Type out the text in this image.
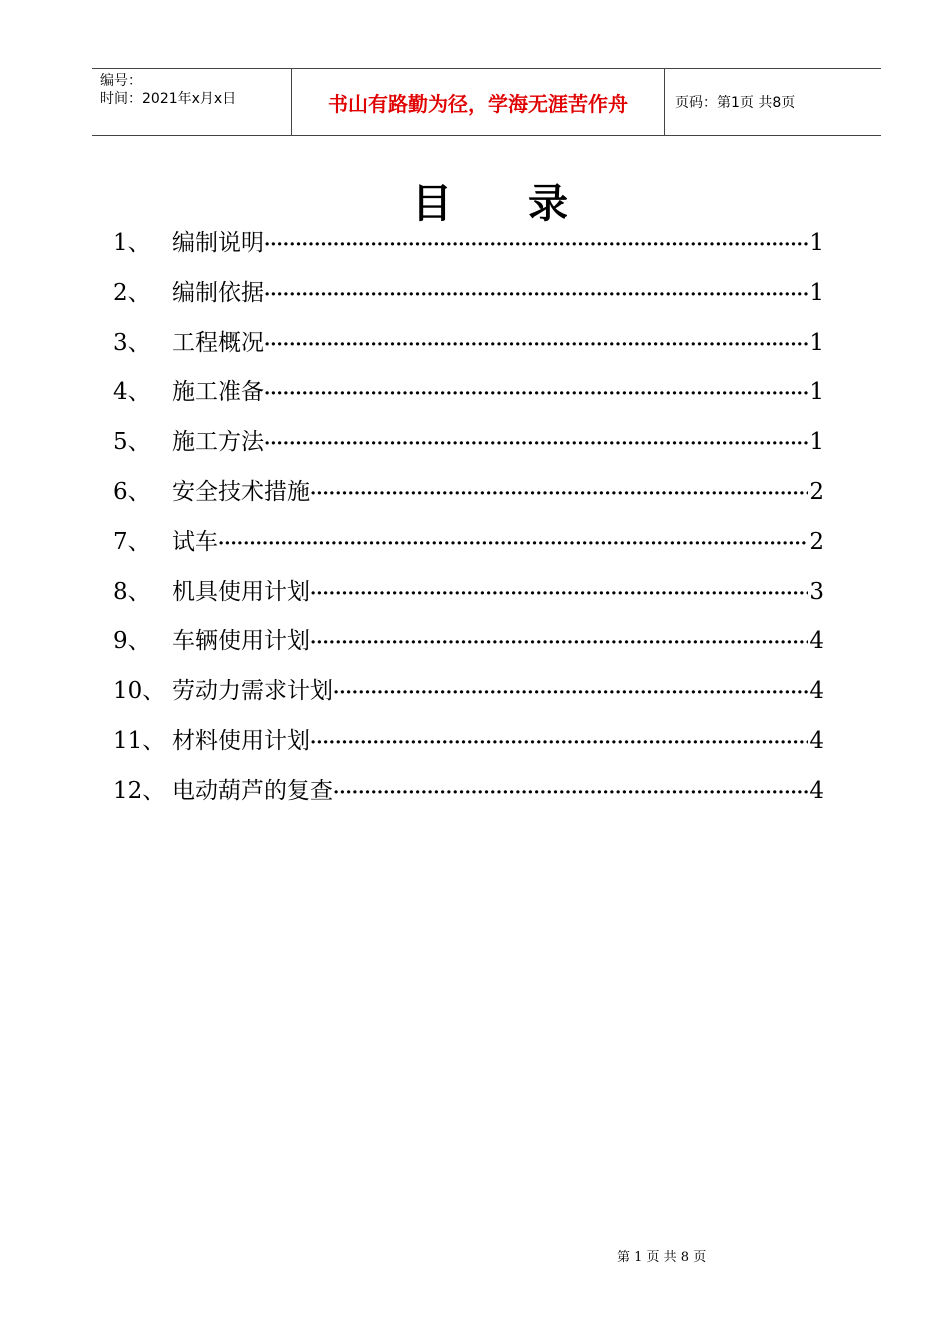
编号：
时间：2021年x月x日	书山有路勤为径，学海无涯苦作舟	页码：第1页 共8页
目 录
1、 编制说明 ·····	1
2、 编制依据 ·····	1
3、 工程概况 ·····	1
4、 施工准备 ·····	1
5、 施工方法 ·····	1
6、 安全技术措施 ·····	2
7、 试车 ·····	2
8、 机具使用计划 ·····	3
9、 车辆使用计划 ·····	4
10、 劳动力需求计划 ·····	4
11、 材料使用计划 ·····	4
12、 电动葫芦的复查 ·····	4
第 1 页 共 8 页
